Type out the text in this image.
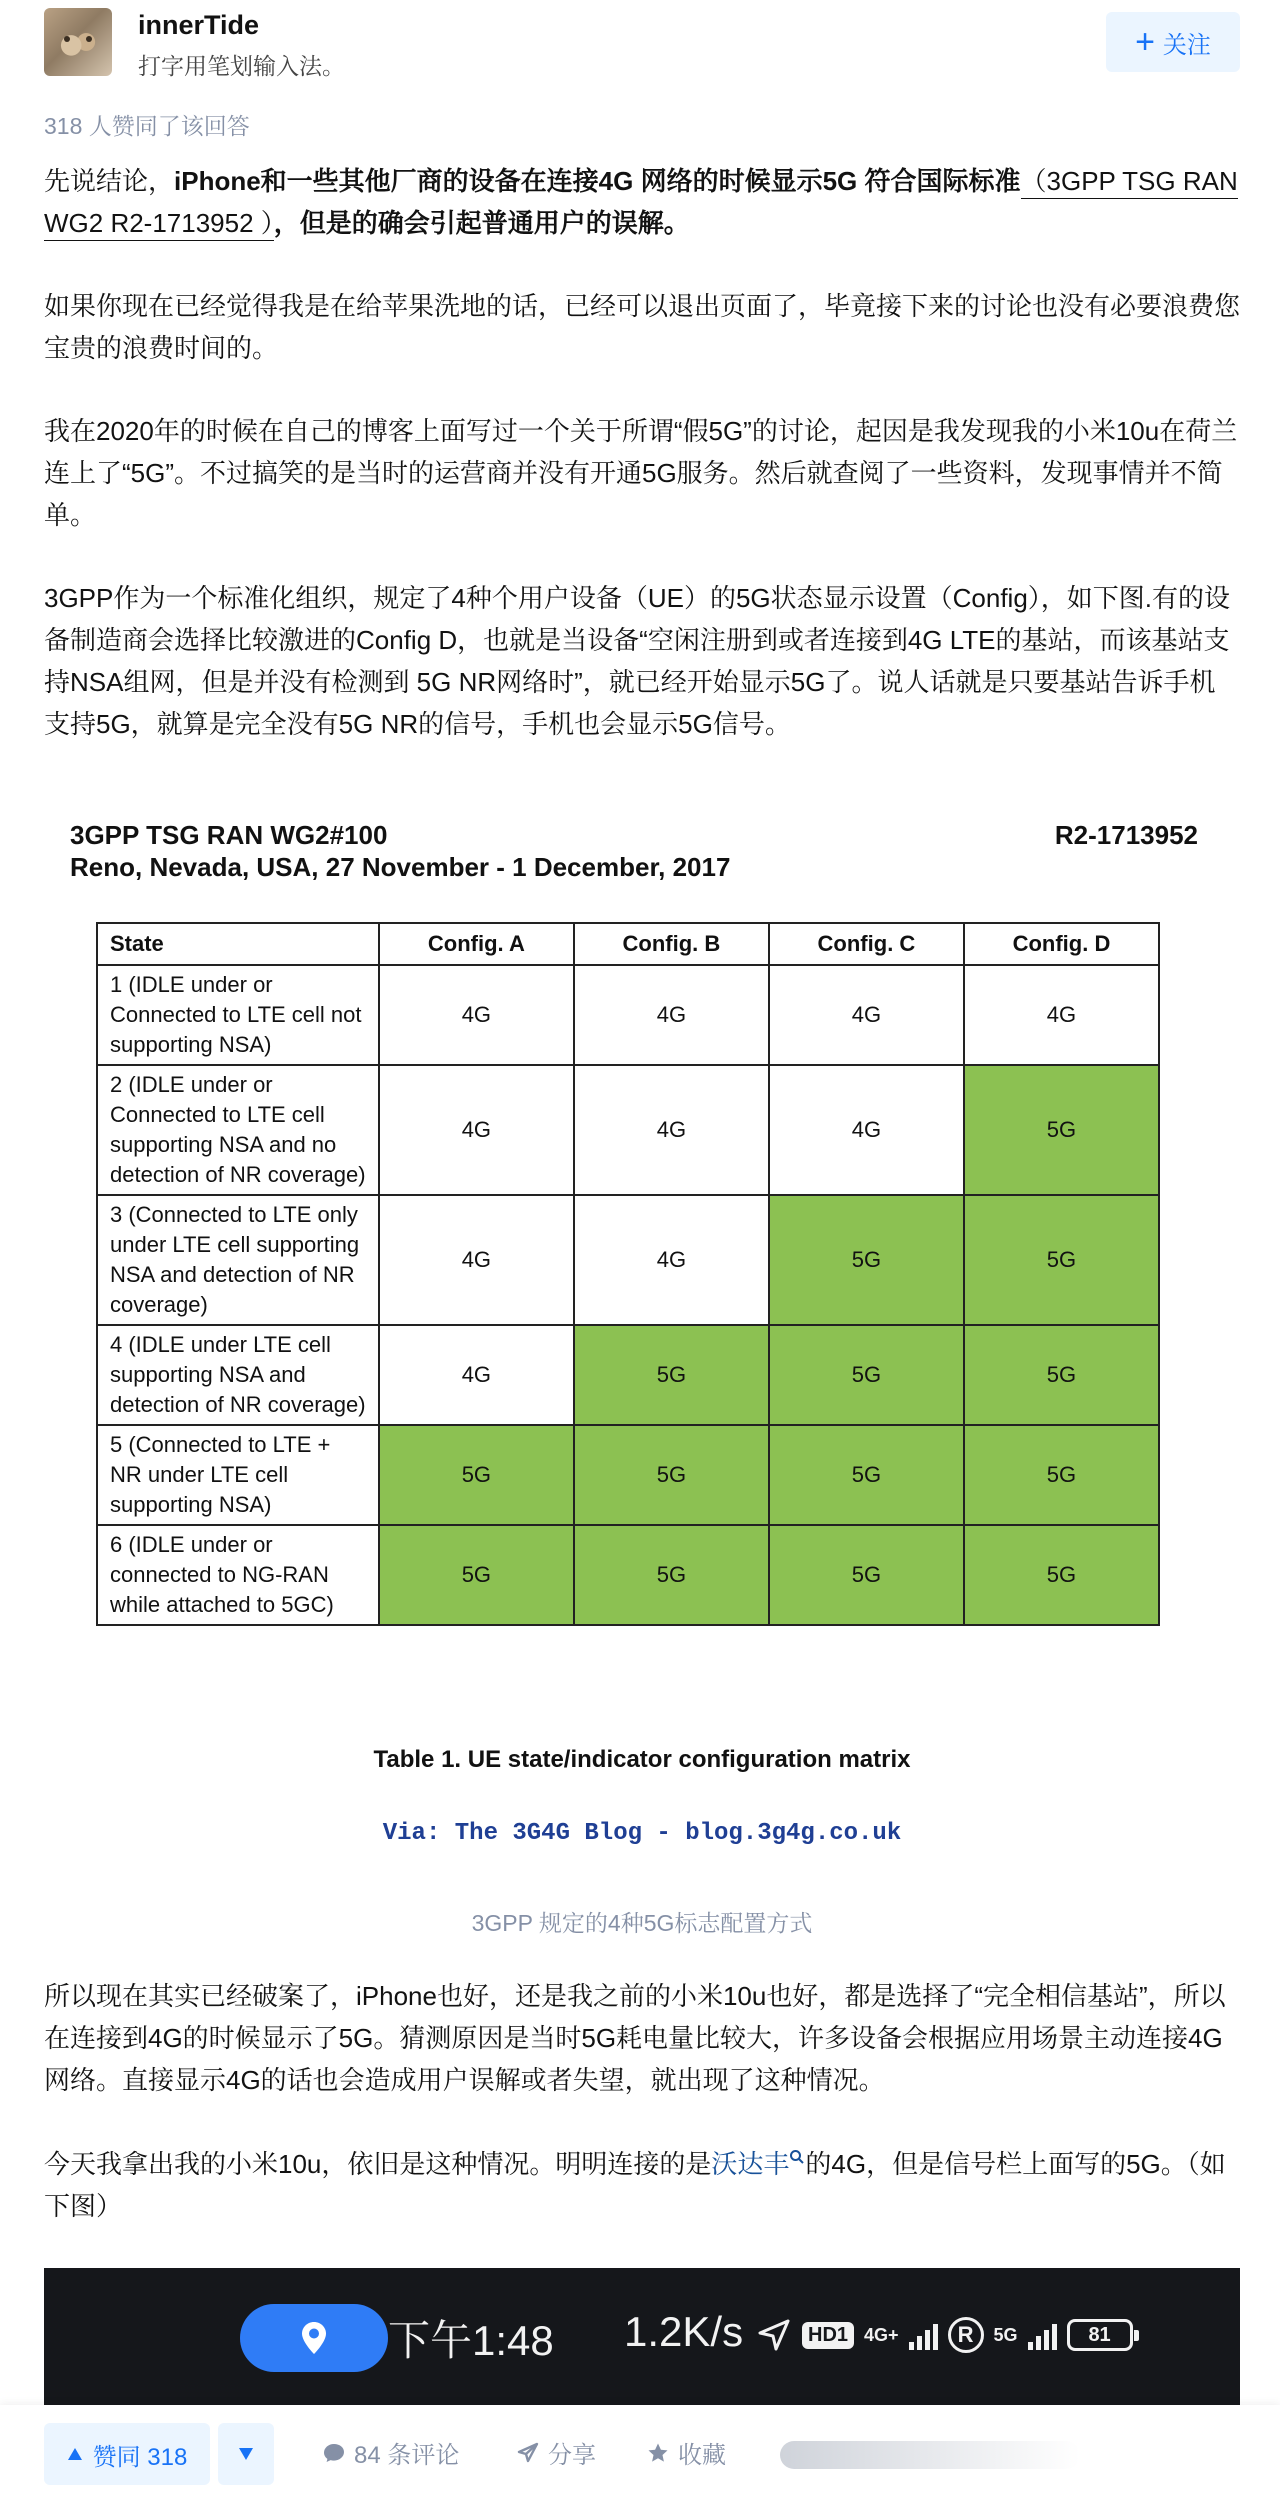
innerTide
打字用笔划输入法。
+ 关注
318 人赞同了该回答

先说结论，iPhone和一些其他厂商的设备在连接4G 网络的时候显示5G 符合国际标准（3GPP TSG RAN WG2 R2-1713952 ），但是的确会引起普通用户的误解。

如果你现在已经觉得我是在给苹果洗地的话，已经可以退出页面了，毕竟接下来的讨论也没有必要浪费您宝贵的浪费时间的。

我在2020年的时候在自己的博客上面写过一个关于所谓“假5G”的讨论，起因是我发现我的小米10u在荷兰连上了“5G”。不过搞笑的是当时的运营商并没有开通5G服务。然后就查阅了一些资料，发现事情并不简单。

3GPP作为一个标准化组织，规定了4种个用户设备（UE）的5G状态显示设置（Config），如下图.有的设备制造商会选择比较激进的Config D，也就是当设备“空闲注册到或者连接到4G LTE的基站，而该基站支持NSA组网，但是并没有检测到 5G NR网络时”，就已经开始显示5G了。说人话就是只要基站告诉手机支持5G，就算是完全没有5G NR的信号，手机也会显示5G信号。

3GPP TSG RAN WG2#100	R2-1713952
Reno, Nevada, USA, 27 November - 1 December, 2017
State	Config. A	Config. B	Config. C	Config. D
1 (IDLE under or Connected to LTE cell not supporting NSA)	4G	4G	4G	4G
2 (IDLE under or Connected to LTE cell supporting NSA and no detection of NR coverage)	4G	4G	4G	5G
3 (Connected to LTE only under LTE cell supporting NSA and detection of NR coverage)	4G	4G	5G	5G
4 (IDLE under LTE cell supporting NSA and detection of NR coverage)	4G	5G	5G	5G
5 (Connected to LTE + NR under LTE cell supporting NSA)	5G	5G	5G	5G
6 (IDLE under or connected to NG-RAN while attached to 5GC)	5G	5G	5G	5G
Table 1. UE state/indicator configuration matrix
Via: The 3G4G Blog - blog.3g4g.co.uk
3GPP 规定的4种5G标志配置方式

所以现在其实已经破案了，iPhone也好，还是我之前的小米10u也好，都是选择了“完全相信基站”，所以在连接到4G的时候显示了5G。猜测原因是当时5G耗电量比较大，许多设备会根据应用场景主动连接4G网络。直接显示4G的话也会造成用户误解或者失望，就出现了这种情况。

今天我拿出我的小米10u，依旧是这种情况。明明连接的是沃达丰 的4G，但是信号栏上面写的5G。（如下图）

下午1:48 1.2K/s	HD1 4G+	R	5G	81
赞同 318	84 条评论	分享	收藏
